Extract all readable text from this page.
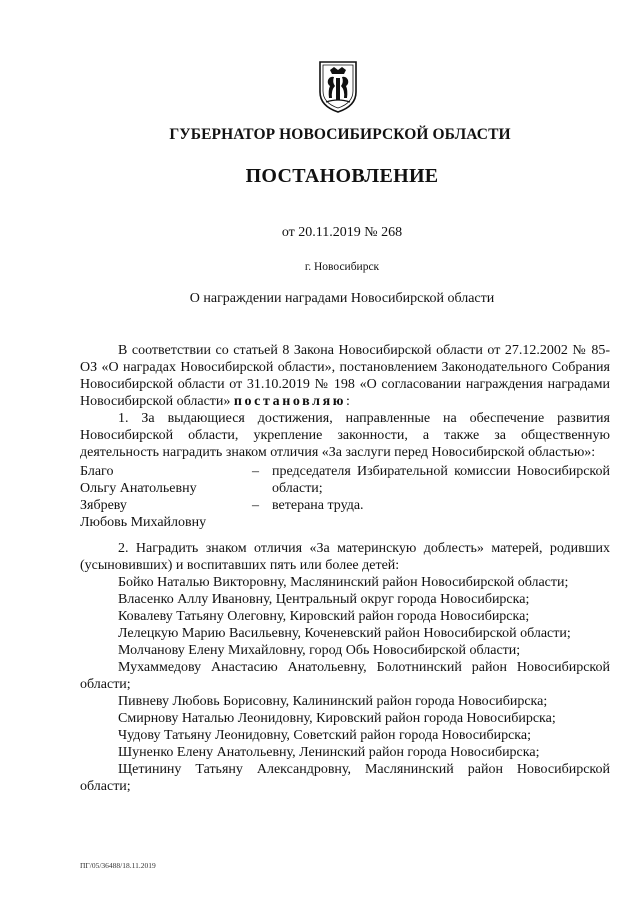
ГУБЕРНАТОР НОВОСИБИРСКОЙ ОБЛАСТИ
ПОСТАНОВЛЕНИЕ
от 20.11.2019 № 268
г. Новосибирск
О награждении наградами Новосибирской области

В соответствии со статьей 8 Закона Новосибирской области от 27.12.2002 № 85-ОЗ «О наградах Новосибирской области», постановлением Законодательного Собрания Новосибирской области от 31.10.2019 № 198 «О согласовании награждения наградами Новосибирской области» постановляю:

1. За выдающиеся достижения, направленные на обеспечение развития Новосибирской области, укрепление законности, а также за общественную деятельность наградить знаком отличия «За заслуги перед Новосибирской областью»:

Благо
Ольгу Анатольевну
– председателя Избирательной комиссии Новосибирской области;
Зябреву
Любовь Михайловну
– ветерана труда.

2. Наградить знаком отличия «За материнскую доблесть» матерей, родивших (усыновивших) и воспитавших пять или более детей:

Бойко Наталью Викторовну, Маслянинский район Новосибирской области;

Власенко Аллу Ивановну, Центральный округ города Новосибирска;

Ковалеву Татьяну Олеговну, Кировский район города Новосибирска;

Лелецкую Марию Васильевну, Коченевский район Новосибирской области;

Молчанову Елену Михайловну, город Обь Новосибирской области;

Мухаммедову Анастасию Анатольевну, Болотнинский район Новосибирской области;

Пивневу Любовь Борисовну, Калининский район города Новосибирска;

Смирнову Наталью Леонидовну, Кировский район города Новосибирска;

Чудову Татьяну Леонидовну, Советский район города Новосибирска;

Шуненко Елену Анатольевну, Ленинский район города Новосибирска;

Щетинину Татьяну Александровну, Маслянинский район Новосибирской области;

ПГ/05/36488/18.11.2019
